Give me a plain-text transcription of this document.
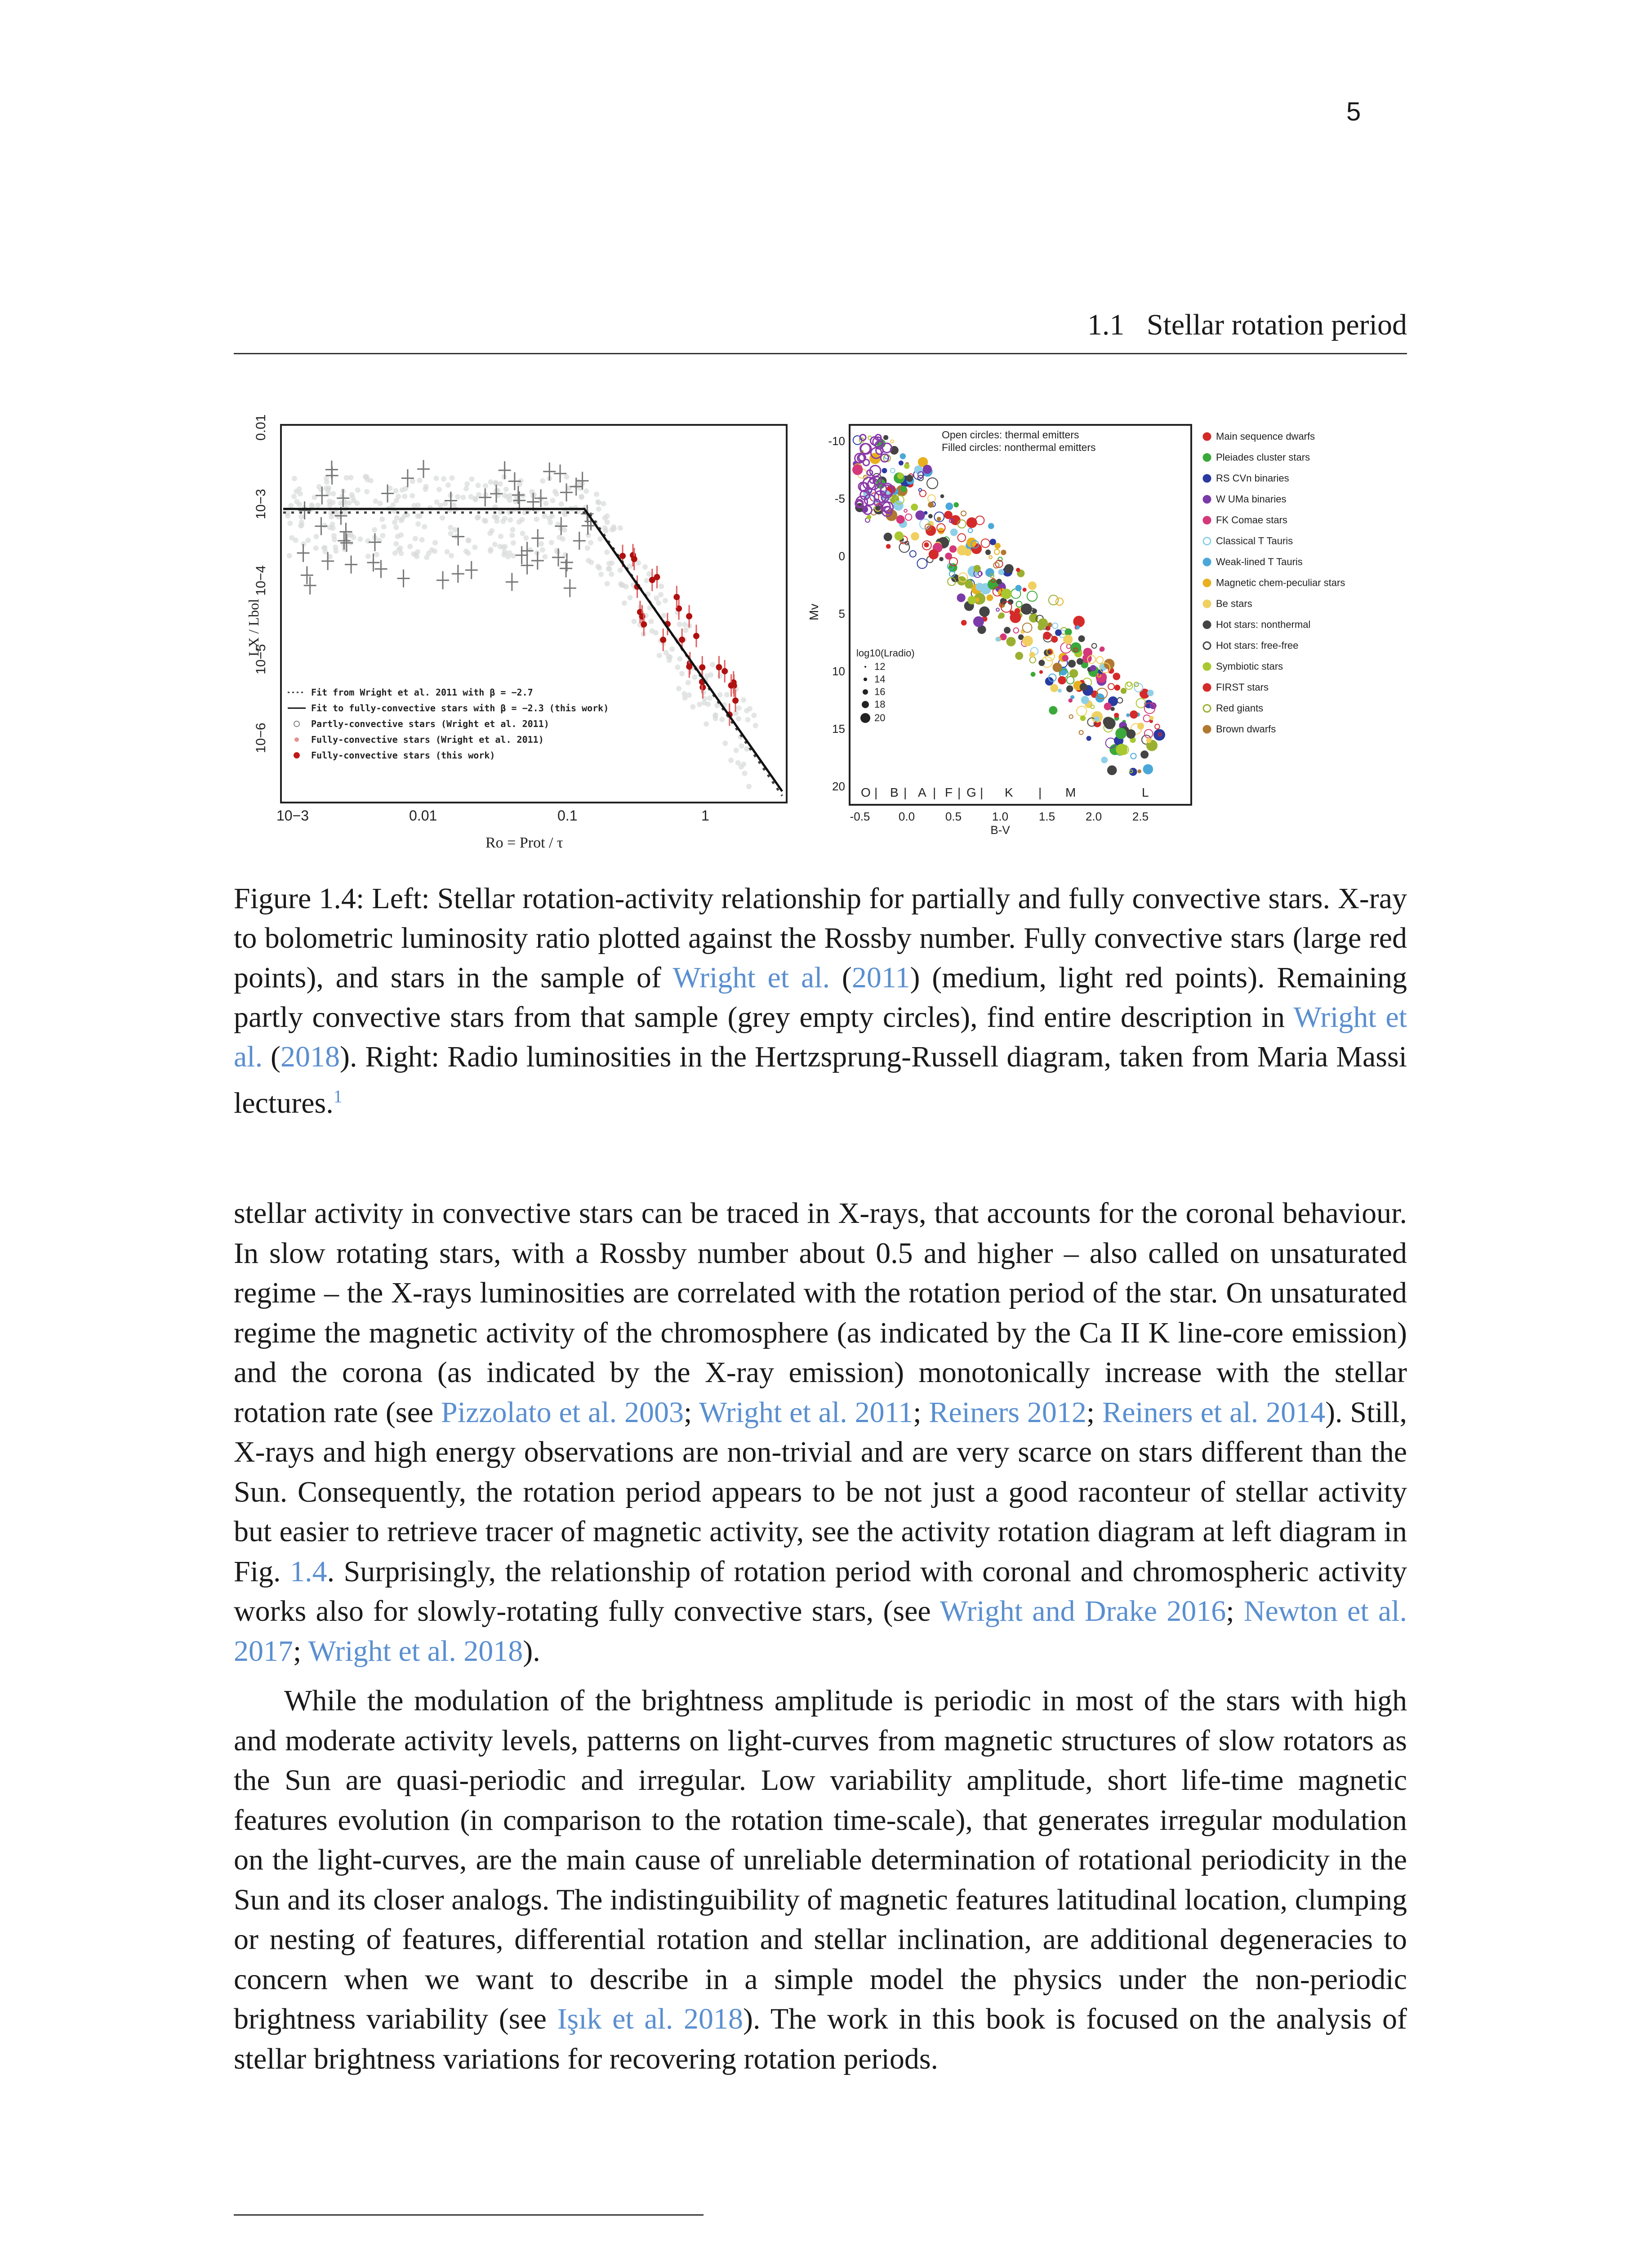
5
1.1 Stellar rotation period
0.01
10−3
10−4
10−5
10−6
LX / Lbol
10−3	0.01	0.1	1
Ro = Prot / τ
Fit from Wright et al. 2011 with β = −2.7
Fit to fully-convective stars with β = −2.3 (this work)
Partly-convective stars (Wright et al. 2011)
Fully-convective stars (Wright et al. 2011)
Fully-convective stars (this work)
Open circles: thermal emitters
Filled circles: nonthermal emitters
-10
-5
0
5
10
15
20
Mv
O | B | A | F | G | K | M	L
-0.5 0.0	0.5	1.0	1.5	2.0	2.5
B-V
log10(Lradio)
12
14
16
18
20
Main sequence dwarfs
Pleiades cluster stars
RS CVn binaries
W UMa binaries
FK Comae stars
Classical T Tauris
Weak-lined T Tauris
Magnetic chem-peculiar stars
Be stars
Hot stars: nonthermal
Hot stars: free-free
Symbiotic stars
FIRST stars
Red giants
Brown dwarfs
Figure 1.4: Left: Stellar rotation-activity relationship for partially and fully convective stars. X-ray to bolometric luminosity ratio plotted against the Rossby number. Fully convective stars (large red points), and stars in the sample of Wright et al. (2011) (medium, light red points). Remaining partly convective stars from that sample (grey empty circles), find entire description in Wright et al. (2018). Right: Radio luminosities in the Hertzsprung-Russell diagram, taken from Maria Massi lectures.$^1$

stellar activity in convective stars can be traced in X-rays, that accounts for the coronal behaviour. In slow rotating stars, with a Rossby number about 0.5 and higher – also called on unsaturated regime – the X-rays luminosities are correlated with the rotation period of the star. On unsaturated regime the magnetic activity of the chromosphere (as indicated by the Ca II K line-core emission) and the corona (as indicated by the X-ray emission) monotonically increase with the stellar rotation rate (see Pizzolato et al. 2003; Wright et al. 2011; Reiners 2012; Reiners et al. 2014). Still, X-rays and high energy observations are non-trivial and are very scarce on stars different than the Sun. Consequently, the rotation period appears to be not just a good raconteur of stellar activity but easier to retrieve tracer of magnetic activity, see the activity rotation diagram at left diagram in Fig. 1.4. Surprisingly, the relationship of rotation period with coronal and chromospheric activity works also for slowly-rotating fully convective stars, (see Wright and Drake 2016; Newton et al. 2017; Wright et al. 2018).

While the modulation of the brightness amplitude is periodic in most of the stars with high and moderate activity levels, patterns on light-curves from magnetic structures of slow rotators as the Sun are quasi-periodic and irregular. Low variability amplitude, short life-time magnetic features evolution (in comparison to the rotation time-scale), that generates irregular modulation on the light-curves, are the main cause of unreliable determination of rotational periodicity in the Sun and its closer analogs. The indistinguibility of magnetic features latitudinal location, clumping or nesting of features, differential rotation and stellar inclination, are additional degeneracies to concern when we want to describe in a simple model the physics under the non-periodic brightness variability (see Işık et al. 2018). The work in this book is focused on the analysis of stellar brightness variations for recovering rotation periods.
